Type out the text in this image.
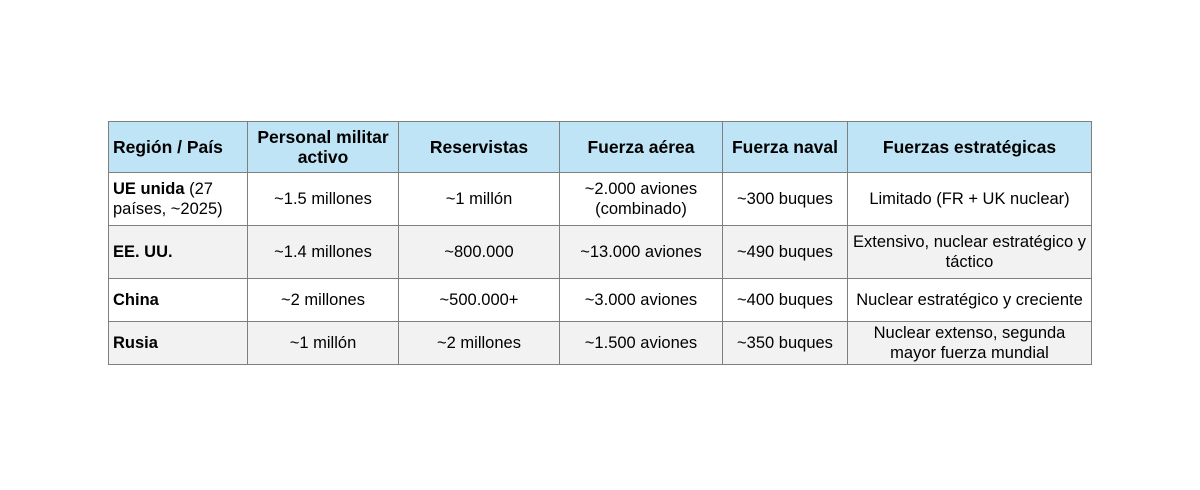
Región / País	Personal militar activo	Reservistas	Fuerza aérea	Fuerza naval	Fuerzas estratégicas
UE unida (27 países, ~2025)	~1.5 millones	~1 millón	~2.000 aviones (combinado)	~300 buques	Limitado (FR + UK nuclear)
EE. UU.	~1.4 millones	~800.000	~13.000 aviones	~490 buques	Extensivo, nuclear estratégico y táctico
China	~2 millones	~500.000+	~3.000 aviones	~400 buques	Nuclear estratégico y creciente
Rusia	~1 millón	~2 millones	~1.500 aviones	~350 buques	Nuclear extenso, segunda mayor fuerza mundial
